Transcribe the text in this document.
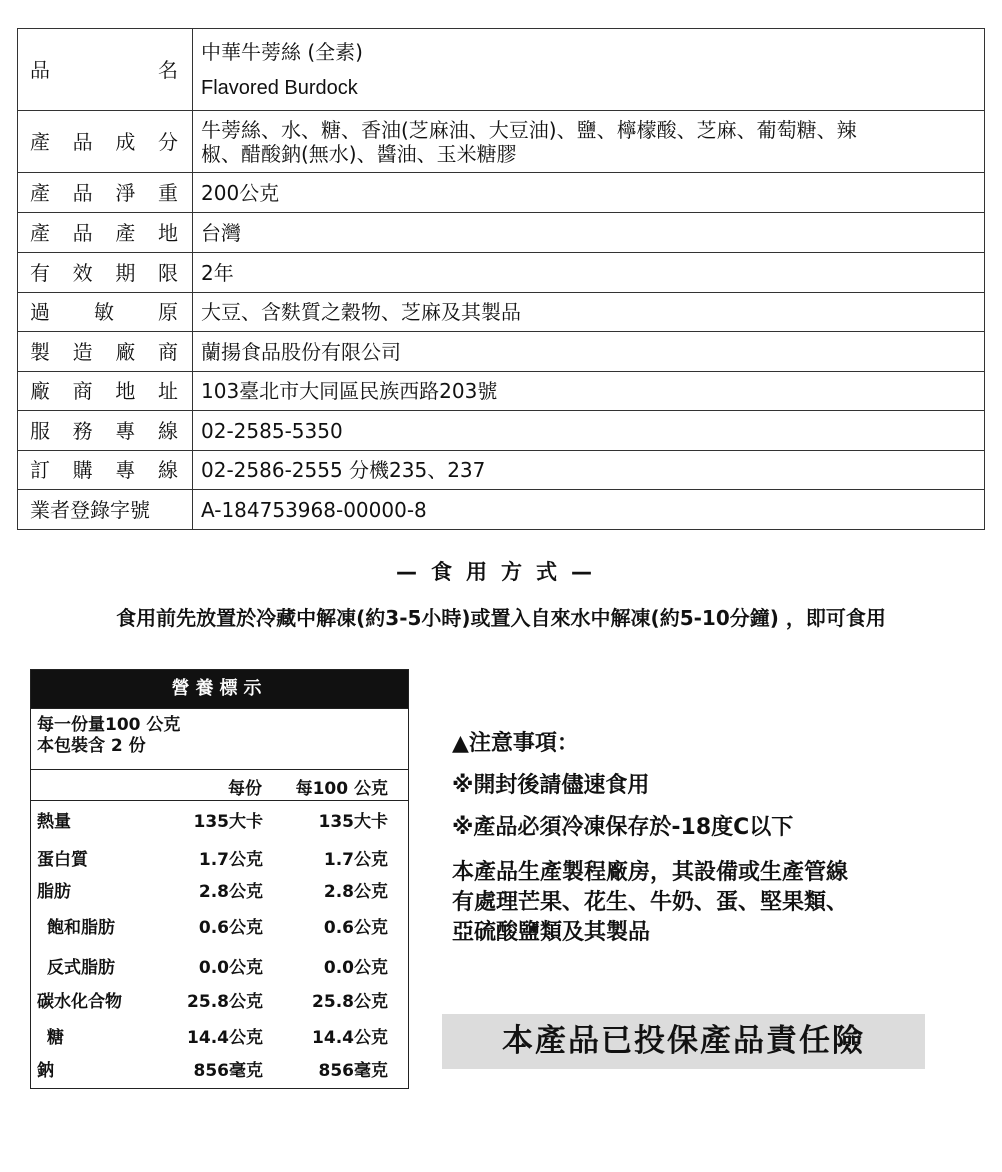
品 名	中華牛蒡絲 (全素)
Flavored Burdock

產 品 成 分	牛蒡絲、水、糖、香油(芝麻油、大豆油)、鹽、檸檬酸、芝麻、葡萄糖、辣
椒、醋酸鈉(無水)、醬油、玉米糖膠

產 品 淨 重	200公克

產 品 產 地	台灣

有 效 期 限	2年

過 敏 原	大豆、含麩質之穀物、芝麻及其製品

製 造 廠 商	蘭揚食品股份有限公司

廠 商 地 址	103臺北市大同區民族西路203號

服 務 專 線	02-2585-5350

訂 購 專 線	02-2586-2555 分機235、237

業者登錄字號	A-184753968-00000-8
—食用方式—
食用前先放置於冷藏中解凍(約3-5小時)或置入自來水中解凍(約5-10分鐘) ，即可食用
營養標示
每一份量100 公克
本包裝含 2 份
每份 每100 公克
熱量	135大卡	135大卡
蛋白質	1.7公克	1.7公克
脂肪	2.8公克	2.8公克
飽和脂肪	0.6公克	0.6公克
反式脂肪	0.0公克	0.0公克
碳水化合物	25.8公克	25.8公克
糖	14.4公克	14.4公克
鈉	856毫克	856毫克
▲注意事項：
※開封後請儘速食用
※產品必須冷凍保存於-18度C以下
本產品生產製程廠房，其設備或生產管線
有處理芒果、花生、牛奶、蛋、堅果類、
亞硫酸鹽類及其製品
本產品已投保產品責任險
